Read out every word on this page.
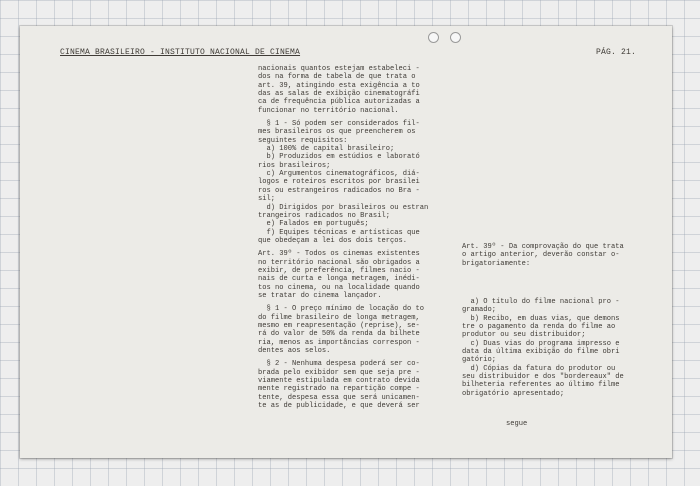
CINEMA BRASILEIRO - INSTITUTO NACIONAL DE CINEMA	PÁG. 21.
nacionais quantos estejam estabeleci -
dos na forma de tabela de que trata o
art. 39, atingindo esta exigência a to
das as salas de exibição cinematográfi
ca de frequência pública autorizadas a
funcionar no território nacional.
§ 1 - Só podem ser considerados fil-
mes brasileiros os que preencherem os
seguintes requisitos:
a) 100% de capital brasileiro;
b) Produzidos em estúdios e laborató
rios brasileiros;
c) Argumentos cinematográficos, diá-
logos e roteiros escritos por brasilei
ros ou estrangeiros radicados no Bra -
sil;
d) Dirigidos por brasileiros ou estran
trangeiros radicados no Brasil;
e) Falados em português;
f) Equipes técnicas e artísticas que
que obedeçam a lei dos dois terços.
Art. 39º - Todos os cinemas existentes
no território nacional são obrigados a
exibir, de preferência, filmes nacio -
nais de curta e longa metragem, inédi-
tos no cinema, ou na localidade quando
se tratar do cinema lançador.
§ 1 - O preço mínimo de locação do to
do filme brasileiro de longa metragem,
mesmo em reapresentação (reprise), se-
rá do valor de 50% da renda da bilhete
ria, menos as importâncias correspon -
dentes aos selos.
§ 2 - Nenhuma despesa poderá ser co-
brada pelo exibidor sem que seja pre -
viamente estipulada em contrato devida
mente registrado na repartição compe -
tente, despesa essa que será unicamen-
te as de publicidade, e que deverá ser
Art. 39º - Da comprovação do que trata
o artigo anterior, deverão constar o-
brigatoriamente:
a) O título do filme nacional pro -
gramado;
b) Recibo, em duas vias, que demons
tre o pagamento da renda do filme ao
produtor ou seu distribuidor;
c) Duas vias do programa impresso e
data da última exibição do filme obri
gatório;
d) Cópias da fatura do produtor ou
seu distribuidor e dos "bordereaux" de
bilheteria referentes ao último filme
obrigatório apresentado;
segue
